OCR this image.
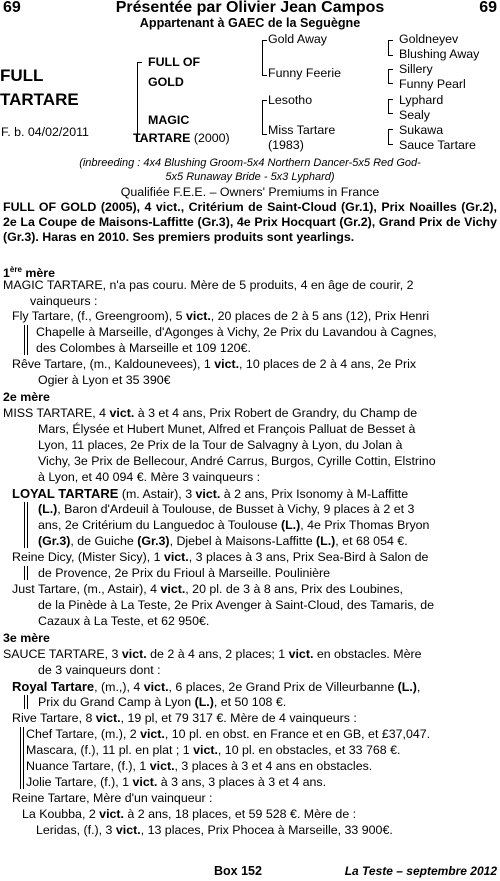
69	Présentée par Olivier Jean Campos	69
Appartenant à GAEC de la Seguègne
FULL
TARTARE
F. b. 04/02/2011
FULL OF
GOLD
MAGIC
TARTARE (2000)
Gold Away
Funny Feerie
Lesotho
Miss Tartare
(1983)
Goldneyev
Blushing Away
Sillery
Funny Pearl
Lyphard
Sealy
Sukawa
Sauce Tartare
(inbreeding : 4x4 Blushing Groom-5x4 Northern Dancer-5x5 Red God-
5x5 Runaway Bride - 5x3 Lyphard)
Qualifiée F.E.E. – Owners' Premiums in France
FULL OF GOLD (2005), 4 vict., Critérium de Saint-Cloud (Gr.1), Prix Noailles (Gr.2), 2e La Coupe de Maisons-Laffitte (Gr.3), 4e Prix Hocquart (Gr.2), Grand Prix de Vichy (Gr.3). Haras en 2010. Ses premiers produits sont yearlings.
1ère mère
MAGIC TARTARE, n'a pas couru. Mère de 5 produits, 4 en âge de courir, 2
vainqueurs :
Fly Tartare, (f., Greengroom), 5 vict., 20 places de 2 à 5 ans (12), Prix Henri
Chapelle à Marseille, d'Agonges à Vichy, 2e Prix du Lavandou à Cagnes,
des Colombes à Marseille et 109 120€.
Rêve Tartare, (m., Kaldounevees), 1 vict., 10 places de 2 à 4 ans, 2e Prix
Ogier à Lyon et 35 390€
2e mère
MISS TARTARE, 4 vict. à 3 et 4 ans, Prix Robert de Grandry, du Champ de
Mars, Élysée et Hubert Munet, Alfred et François Palluat de Besset à
Lyon, 11 places, 2e Prix de la Tour de Salvagny à Lyon, du Jolan à
Vichy, 3e Prix de Bellecour, André Carrus, Burgos, Cyrille Cottin, Elstrino
à Lyon, et 40 094 €. Mère 3 vainqueurs :
LOYAL TARTARE (m. Astair), 3 vict. à 2 ans, Prix Isonomy à M-Laffitte
(L.), Baron d'Ardeuil à Toulouse, de Busset à Vichy, 9 places à 2 et 3
ans, 2e Critérium du Languedoc à Toulouse (L.), 4e Prix Thomas Bryon
(Gr.3), de Guiche (Gr.3), Djebel à Maisons-Laffitte (L.), et 68 054 €.
Reine Dicy, (Mister Sicy), 1 vict., 3 places à 3 ans, Prix Sea-Bird à Salon de
de Provence, 2e Prix du Frioul à Marseille. Poulinière
Just Tartare, (m., Astair), 4 vict., 20 pl. de 3 à 8 ans, Prix des Loubines,
de la Pinède à La Teste, 2e Prix Avenger à Saint-Cloud, des Tamaris, de
Cazaux à La Teste, et 62 950€.
3e mère
SAUCE TARTARE, 3 vict. de 2 à 4 ans, 2 places; 1 vict. en obstacles. Mère
de 3 vainqueurs dont :
Royal Tartare, (m.,), 4 vict., 6 places, 2e Grand Prix de Villeurbanne (L.),
Prix du Grand Camp à Lyon (L.), et 50 108 €.
Rive Tartare, 8 vict., 19 pl, et 79 317 €. Mère de 4 vainqueurs :
Chef Tartare, (m.), 2 vict., 10 pl. en obst. en France et en GB, et £37,047.
Mascara, (f.), 11 pl. en plat ; 1 vict., 10 pl. en obstacles, et 33 768 €.
Nuance Tartare, (f.), 1 vict., 3 places à 3 et 4 ans en obstacles.
Jolie Tartare, (f.), 1 vict. à 3 ans, 3 places à 3 et 4 ans.
Reine Tartare, Mère d'un vainqueur :
La Koubba, 2 vict. à 2 ans, 18 places, et 59 528 €. Mère de :
Leridas, (f.), 3 vict., 13 places, Prix Phocea à Marseille, 33 900€.
Box 152	La Teste – septembre 2012
